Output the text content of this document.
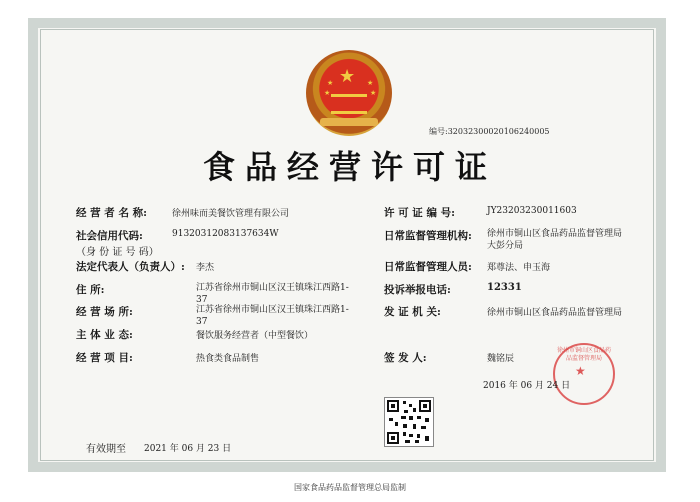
★
★
★
★
★
编号:32032300020106240005
食品经营许可证
经 营 者 名 称:	徐州味而美餐饮管理有限公司
社会信用代码:	91320312083137634W
（身 份 证 号 码）
法定代表人（负责人）: 李杰
住 所:	江苏省徐州市铜山区汉王镇珠江西路1-
37
经 营 场 所:	江苏省徐州市铜山区汉王镇珠江西路1-
37
主 体 业 态:	餐饮服务经营者（中型餐饮）
经 营 项 目:	热食类食品制售
许 可 证 编 号:	JY23203230011603
日常监督管理机构: 徐州市铜山区食品药品监督管理局
大彭分局
日常监督管理人员: 郑尊法、申玉海
投诉举报电话:	12331
发 证 机 关:	徐州市铜山区食品药品监督管理局
签 发 人:	魏铭辰
★
徐州市铜山区食品药品监督管理局
2016 年 06 月 24 日
有效期至 2021 年 06 月 23 日
国家食品药品监督管理总局监制
